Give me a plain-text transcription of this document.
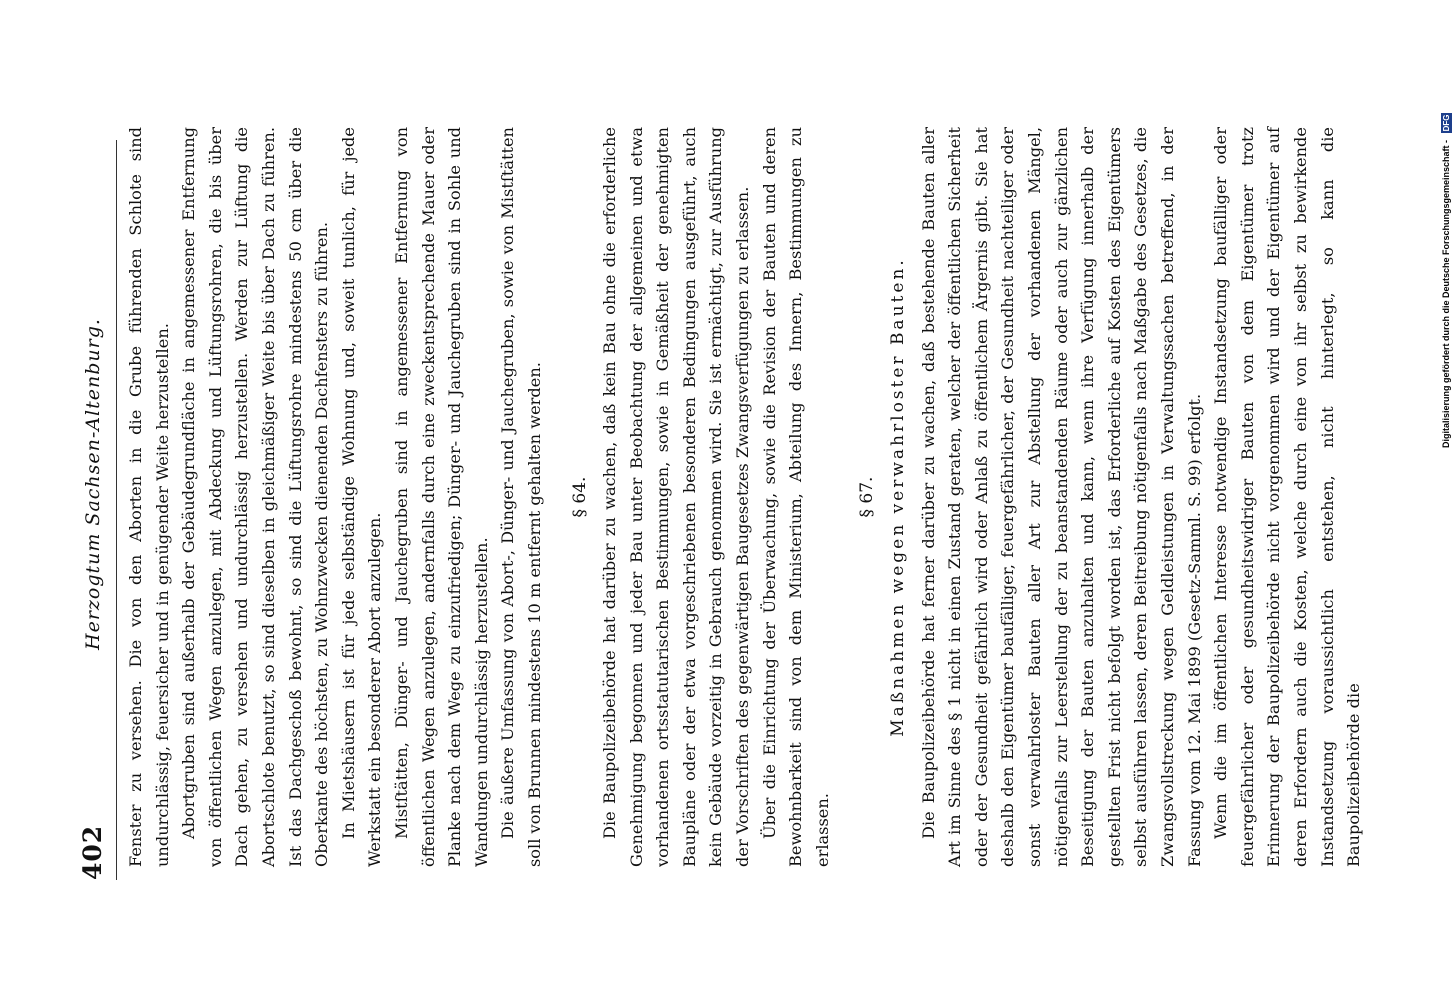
402
Herzogtum Sachsen-Altenburg. Fenster zu versehen. Die von den Aborten in die Grube führenden Schlote sind undurchlässig, feuersicher und in genügender Weite herzustellen. Abortgruben sind außerhalb der Gebäudegrundfläche in angemessener Entfernung von öffentlichen Wegen anzulegen, mit Abdeckung und Lüftungsrohren, die bis über Dach gehen, zu versehen und undurchlässig herzustellen. Werden zur Lüftung die Abortschlote benutzt, so sind dieselben in gleichmäßiger Weite bis über Dach zu führen. Ist das Dachgeschoß bewohnt, so sind die Lüftungsrohre mindestens 50 cm über die Oberkante des höchsten, zu Wohnzwecken dienenden Dachfensters zu führen. In Mietshäusern ist für jede selbständige Wohnung und, soweit tunlich, für jede Werkstatt ein besonderer Abort anzulegen. Mistſtätten, Dünger- und Jauchegruben sind in angemessener Entfernung von öffentlichen Wegen anzulegen, andernfalls durch eine zweckentsprechende Mauer oder Planke nach dem Wege zu einzufriedigen; Dünger- und Jauchegruben sind in Sohle und Wandungen undurchlässig herzustellen. Die äußere Umfassung von Abort-, Dünger- und Jauchegruben, sowie von Mistſtätten soll von Brunnen mindestens 10 m entfernt gehalten werden. § 64. Die Baupolizeibehörde hat darüber zu wachen, daß kein Bau ohne die erforderliche Genehmigung begonnen und jeder Bau unter Beobachtung der allgemeinen und etwa vorhandenen ortsstatutarischen Bestimmungen, sowie in Gemäßheit der genehmigten Baupläne oder der etwa vorgeschriebenen besonderen Bedingungen ausgeführt, auch kein Gebäude vorzeitig in Gebrauch genommen wird. Sie ist ermächtigt, zur Ausführung der Vorschriften des gegenwärtigen Baugesetzes Zwangsverfügungen zu erlassen. Über die Einrichtung der Überwachung, sowie die Revision der Bauten und deren Bewohnbarkeit sind von dem Ministerium, Abteilung des Innern, Bestimmungen zu erlassen.

§ 67. Maßnahmen wegen verwahrloster Bauten. Die Baupolizeibehörde hat ferner darüber zu wachen, daß bestehende Bauten aller Art im Sinne des § 1 nicht in einen Zustand geraten, welcher der öffentlichen Sicherheit oder der Gesundheit gefährlich wird oder Anlaß zu öffentlichem Ärgernis gibt. Sie hat deshalb den Eigentümer baufälliger, feuergefährlicher, der Gesundheit nachteiliger oder sonst verwahrloster Bauten aller Art zur Abstellung der vorhandenen Mängel, nötigenfalls zur Leerstellung der zu beanstandenden Räume oder auch zur gänzlichen Beseitigung der Bauten anzuhalten und kann, wenn ihre Verfügung innerhalb der gestellten Frist nicht befolgt worden ist, das Erforderliche auf Kosten des Eigentümers selbst ausführen lassen, deren Beitreibung nötigenfalls nach Maßgabe des Gesetzes, die Zwangsvollstreckung wegen Geldleistungen in Verwaltungssachen betreffend, in der Fassung vom 12. Mai 1899 (Gesetz-Samml. S. 99) erfolgt. Wenn die im öffentlichen Interesse notwendige Instandsetzung baufälliger oder feuergefährlicher oder gesundheitswidriger Bauten von dem Eigentümer trotz Erinnerung der Baupolizeibehörde nicht vorgenommen wird und der Eigentümer auf deren Erfordern auch die Kosten, welche durch eine von ihr selbst zu bewirkende Instandsetzung voraussichtlich entstehen, nicht hinterlegt, so kann die Baupolizeibehörde die

Digitalisierung gefördert durch die Deutsche Forschungsgemeinschaft - DFG
